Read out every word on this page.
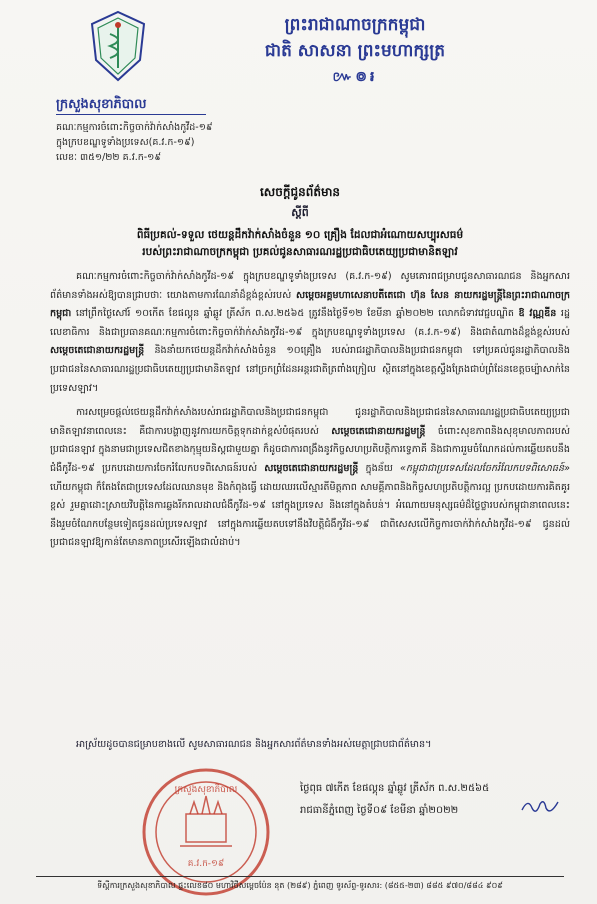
ព្រះរាជាណាចក្រកម្ពុជា
ជាតិ សាសនា ព្រះមហាក្សត្រ
៚៙៛
ក្រសួងសុខាភិបាល
គណៈកម្មការចំពោះកិច្ចចាក់វ៉ាក់សាំងកូវីដ-១៩
ក្នុងក្របខណ្ឌទូទាំងប្រទេស(គ.វ.ក-១៩)
លេខៈ ៣៥១/២២ គ.វ.ក-១៩
សេចក្ដីជូនព័ត៌មាន
ស្ដីពី
ពិធីប្រគល់-ទទួល ថេយន្តដឹកវ៉ាក់សាំងចំនួន ១០ គ្រឿង ដែលជាអំណោយសប្បុរសធម៌
របស់ព្រះរាជាណាចក្រកម្ពុជា ប្រគល់ជូនសាធារណរដ្ឋប្រជាធិបតេយ្យប្រជាមានិតឡាវ

គណៈកម្មការចំពោះកិច្ចចាក់វ៉ាក់សាំងកូវីដ-១៩ ក្នុងក្របខណ្ឌទូទាំងប្រទេស (គ.វ.ក-១៩) សូមគោរពជម្រាបជូនសាធារណជន និងអ្នកសារព័ត៌មានទាំងអស់ឱ្យបានជ្រាបថាៈ យោងតាមការណែនាំដ៏ខ្ពង់ខ្ពស់របស់ សម្ដេចអគ្គមហាសេនាបតីតេជោ ហ៊ុន សែន នាយករដ្ឋមន្ត្រីនៃព្រះរាជាណាចក្រកម្ពុជា នៅព្រឹកថ្ងៃសៅរ៍ ១០កើត ខែផល្គុន ឆ្នាំឆ្លូវ ត្រីស័ក ព.ស.២៥៦៥ ត្រូវនឹងថ្ងៃទី១២ ខែមីនា ឆ្នាំ២០២២ លោកជំទាវវេជ្ជបណ្ឌិត ឱ វណ្ណឌីន រដ្ឋលេខាធិការ និងជាប្រធានគណៈកម្មការចំពោះកិច្ចចាក់វ៉ាក់សាំងកូវីដ-១៩ ក្នុងក្របខណ្ឌទូទាំងប្រទេស (គ.វ.ក-១៩) និងជាតំណាងដ៏ខ្ពង់ខ្ពស់របស់ សម្ដេចតេជោនាយករដ្ឋមន្ត្រី និងនាំយកថេយន្តដឹកវ៉ាក់សាំងចំនួន ១០គ្រឿង របស់រាជរដ្ឋាភិបាលនិងប្រជាជនកម្ពុជា ទៅប្រគល់ជូនរដ្ឋាភិបាលនិងប្រជាជននៃសាធារណរដ្ឋប្រជាធិបតេយ្យប្រជាមានិតឡាវ នៅច្រកព្រំដែនអន្តរជាតិត្រពាំងក្រៀល ស្ថិតនៅក្នុងខេត្តស្ទឹងត្រែងជាប់ព្រំដែនខេត្តចម្ប៉ាសាក់នៃប្រទេសឡាវ។

ការសម្រេចផ្ដល់ថេយន្តដឹកវ៉ាក់សាំងរបស់រាជរដ្ឋាភិបាលនិងប្រជាជនកម្ពុជា ជូនរដ្ឋាភិបាលនិងប្រជាជននៃសាធារណរដ្ឋប្រជាធិបតេយ្យប្រជាមានិតឡាវនាពេលនេះ គឺជាការបង្ហាញនូវការយកចិត្តទុកដាក់ខ្ពស់បំផុតរបស់ សម្ដេចតេជោនាយករដ្ឋមន្ត្រី ចំពោះសុខភាពនិងសុខុមាលភាពរបស់ប្រជាជនឡាវ ក្នុងនាមជាប្រទេសជិតខាងកុម្មុយនិស្តជាមួយគ្នា ក៏ដូចជាការពង្រឹងនូវកិច្ចសហប្រតិបត្តិការទ្វេភាគី និងជាការរួមចំណែកដល់ការឆ្លើយតបនឹងជំងឺកូវីដ-១៩ ប្រកបដោយការចែករំលែកបទពិសោធន៍របស់ សម្ដេចតេជោនាយករដ្ឋមន្ត្រី ក្នុងន័យ «កម្ពុជាជាប្រទេសដែលចែករំលែកបទពិសោធន៍» ហើយកម្ពុជា ក៏តែងតែជាប្រទេសដែលឈានមុខ និងកំពុងធ្វើ ដោយឈរលើស្មារតីមិត្តភាព សាមគ្គីភាពនិងកិច្ចសហប្រតិបត្តិការល្អ ប្រកបដោយការគិតគូរខ្ពស់ រួមគ្នាដោះស្រាយវិបត្តិនៃការឆ្លងរីករាលដាលជំងឺកូវីដ-១៩ នៅក្នុងប្រទេស និងនៅក្នុងតំបន់។ អំណោយមនុស្សធម៌ដ៏ថ្លៃថ្លារបស់កម្ពុជានាពេលនេះ នឹងរួមចំណែកបន្ថែមទៀតជូនដល់ប្រទេសឡាវ នៅក្នុងការឆ្លើយតបទៅនឹងវិបត្តិជំងឺកូវីដ-១៩ ជាពិសេសលើកិច្ចការចាក់វ៉ាក់សាំងកូវីដ-១៩ ជូនដល់ប្រជាជនឡាវឱ្យកាន់តែមានភាពប្រសើរឡើងជាលំដាប់។

អាស្រ័យដូចបានជម្រាបខាងលើ សូមសាធារណជន និងអ្នកសារព័ត៌មានទាំងអស់មេត្តាជ្រាបជាព័ត៌មាន។

គ.វ.ក-១៩
ក្រសួងសុខាភិបាល	ថ្ងៃពុធ ៧កើត ខែផល្គុន ឆ្នាំឆ្លូវ ត្រីស័ក ព.ស.២៥៦៥
រាជធានីភ្នំពេញ ថ្ងៃទី០៩ ខែមីនា ឆ្នាំ២០២២
ទីស្ដីការក្រសួងសុខាភិបាល ផ្ទះលេខ៨០ មហាវិថីសម្ដេចប៉ែន នុត (២៨៩) ភ្នំពេញ ទូរស័ព្ទ-ទូរសារ: (៨៥៥-២៣) ៨៨៥ ៩៧០/៨៨៤ ៩០៩
